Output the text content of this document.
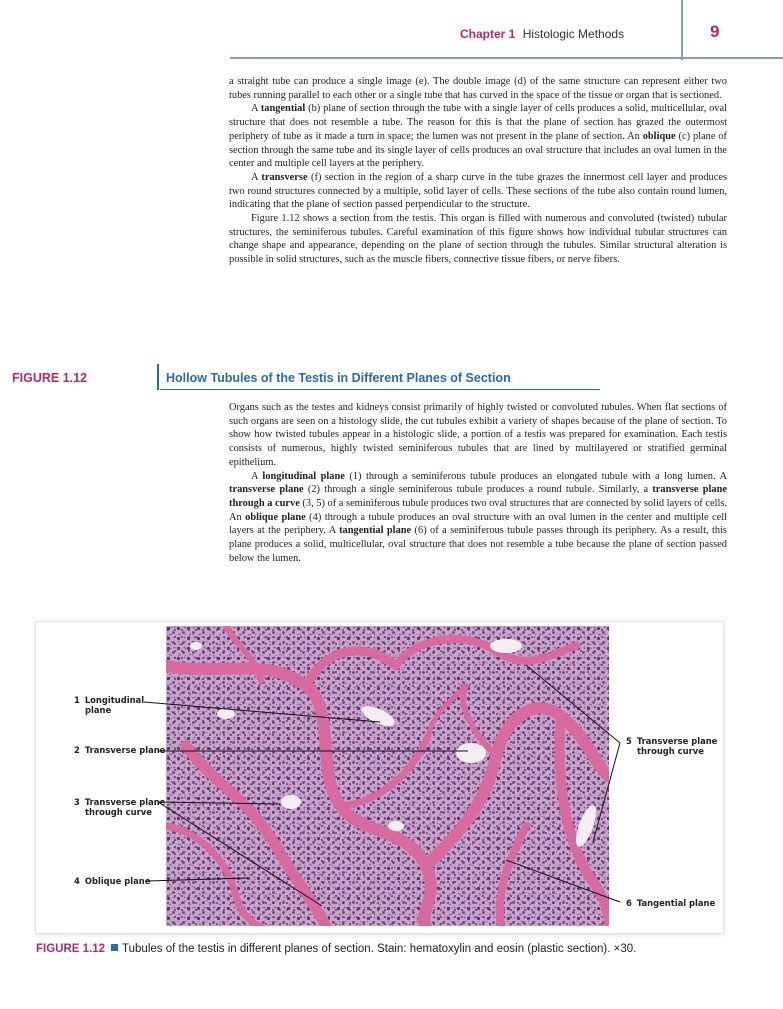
Chapter 1 Histologic Methods	9

a straight tube can produce a single image (e). The double image (d) of the same structure can represent either two tubes running parallel to each other or a single tube that has curved in the space of the tissue or organ that is sectioned.

A tangential (b) plane of section through the tube with a single layer of cells produces a solid, multicellular, oval structure that does not resemble a tube. The reason for this is that the plane of section has grazed the outermost periphery of tube as it made a turn in space; the lumen was not present in the plane of section. An oblique (c) plane of section through the same tube and its single layer of cells produces an oval structure that includes an oval lumen in the center and multiple cell layers at the periphery.

A transverse (f) section in the region of a sharp curve in the tube grazes the innermost cell layer and produces two round structures connected by a multiple, solid layer of cells. These sections of the tube also contain round lumen, indicating that the plane of section passed perpendicular to the structure.

Figure 1.12 shows a section from the testis. This organ is filled with numerous and convoluted (twisted) tubular structures, the seminiferous tubules. Careful examination of this figure shows how individual tubular structures can change shape and appearance, depending on the plane of section through the tubules. Similar structural alteration is possible in solid structures, such as the muscle fibers, connective tissue fibers, or nerve fibers.

FIGURE 1.12	Hollow Tubules of the Testis in Different Planes of Section

Organs such as the testes and kidneys consist primarily of highly twisted or convoluted tubules. When flat sections of such organs are seen on a histology slide, the cut tubules exhibit a variety of shapes because of the plane of section. To show how twisted tubules appear in a histologic slide, a portion of a testis was prepared for examination. Each testis consists of numerous, highly twisted seminiferous tubules that are lined by multilayered or stratified germinal epithelium.

A longitudinal plane (1) through a seminiferous tubule produces an elongated tubule with a long lumen. A transverse plane (2) through a single seminiferous tubule produces a round tubule. Similarly, a transverse plane through a curve (3, 5) of a seminiferous tubule produces two oval structures that are connected by solid layers of cells. An oblique plane (4) through a tubule produces an oval structure with an oval lumen in the center and multiple cell layers at the periphery. A tangential plane (6) of a seminiferous tubule passes through its periphery. As a result, this plane produces a solid, multicellular, oval structure that does not resemble a tube because the plane of section passed below the lumen.

1 Longitudinal
plane
2 Transverse plane
3 Transverse plane
through curve
4 Oblique plane
5 Transverse plane
through curve
6 Tangential plane
FIGURE 1.12 Tubules of the testis in different planes of section. Stain: hematoxylin and eosin (plastic section). ×30.
